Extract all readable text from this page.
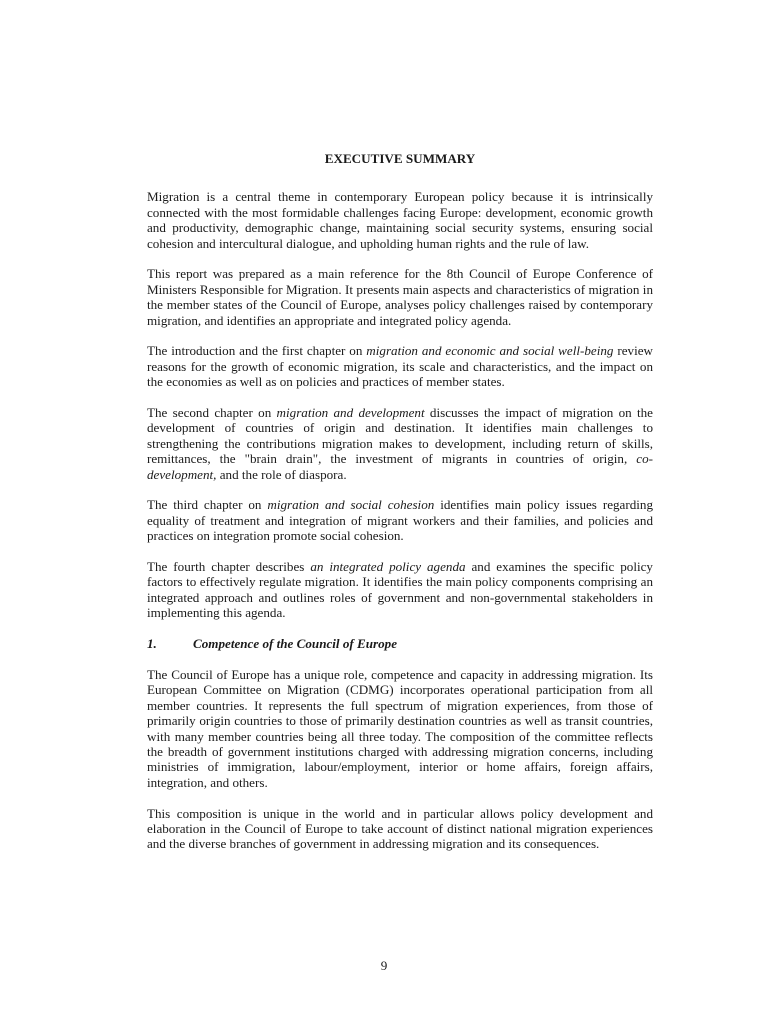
EXECUTIVE SUMMARY

Migration is a central theme in contemporary European policy because it is intrinsically connected with the most formidable challenges facing Europe: development, economic growth and productivity, demographic change, maintaining social security systems, ensuring social cohesion and intercultural dialogue, and upholding human rights and the rule of law.

This report was prepared as a main reference for the 8th Council of Europe Conference of Ministers Responsible for Migration. It presents main aspects and characteristics of migration in the member states of the Council of Europe, analyses policy challenges raised by contemporary migration, and identifies an appropriate and integrated policy agenda.

The introduction and the first chapter on migration and economic and social well-being review reasons for the growth of economic migration, its scale and characteristics, and the impact on the economies as well as on policies and practices of member states.

The second chapter on migration and development discusses the impact of migration on the development of countries of origin and destination. It identifies main challenges to strengthening the contributions migration makes to development, including return of skills, remittances, the "brain drain", the investment of migrants in countries of origin, co-development, and the role of diaspora.

The third chapter on migration and social cohesion identifies main policy issues regarding equality of treatment and integration of migrant workers and their families, and policies and practices on integration promote social cohesion.

The fourth chapter describes an integrated policy agenda and examines the specific policy factors to effectively regulate migration. It identifies the main policy components comprising an integrated approach and outlines roles of government and non-governmental stakeholders in implementing this agenda.

1.	Competence of the Council of Europe

The Council of Europe has a unique role, competence and capacity in addressing migration. Its European Committee on Migration (CDMG) incorporates operational participation from all member countries. It represents the full spectrum of migration experiences, from those of primarily origin countries to those of primarily destination countries as well as transit countries, with many member countries being all three today. The composition of the committee reflects the breadth of government institutions charged with addressing migration concerns, including ministries of immigration, labour/employment, interior or home affairs, foreign affairs, integration, and others.

This composition is unique in the world and in particular allows policy development and elaboration in the Council of Europe to take account of distinct national migration experiences and the diverse branches of government in addressing migration and its consequences.

9
